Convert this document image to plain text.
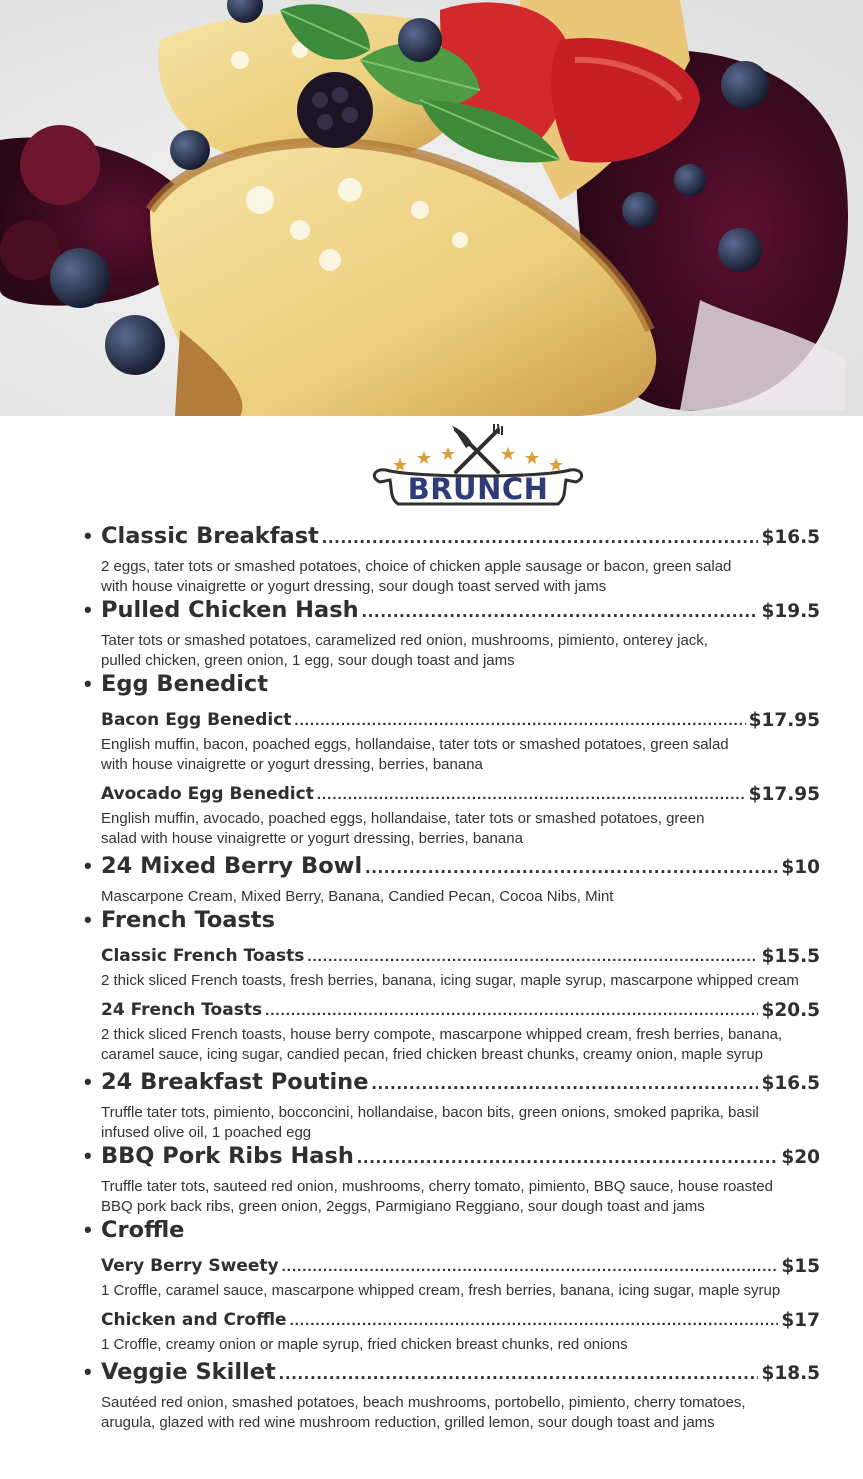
BRUNCH
• Classic Breakfast .....	$16.5
2 eggs, tater tots or smashed potatoes, choice of chicken apple sausage or bacon, green salad
with house vinaigrette or yogurt dressing, sour dough toast served with jams
• Pulled Chicken Hash .....	$19.5
Tater tots or smashed potatoes, caramelized red onion, mushrooms, pimiento, onterey jack,
pulled chicken, green onion, 1 egg, sour dough toast and jams
• Egg Benedict
Bacon Egg Benedict .....	$17.95
English muffin, bacon, poached eggs, hollandaise, tater tots or smashed potatoes, green salad
with house vinaigrette or yogurt dressing, berries, banana
Avocado Egg Benedict .....	$17.95
English muffin, avocado, poached eggs, hollandaise, tater tots or smashed potatoes, green
salad with house vinaigrette or yogurt dressing, berries, banana
• 24 Mixed Berry Bowl .....	$10
Mascarpone Cream, Mixed Berry, Banana, Candied Pecan, Cocoa Nibs, Mint
• French Toasts
Classic French Toasts .....	$15.5
2 thick sliced French toasts, fresh berries, banana, icing sugar, maple syrup, mascarpone whipped cream
24 French Toasts .....	$20.5
2 thick sliced French toasts, house berry compote, mascarpone whipped cream, fresh berries, banana,
caramel sauce, icing sugar, candied pecan, fried chicken breast chunks, creamy onion, maple syrup
• 24 Breakfast Poutine .....	$16.5
Truffle tater tots, pimiento, bocconcini, hollandaise, bacon bits, green onions, smoked paprika, basil
infused olive oil, 1 poached egg
• BBQ Pork Ribs Hash .....	$20
Truffle tater tots, sauteed red onion, mushrooms, cherry tomato, pimiento, BBQ sauce, house roasted
BBQ pork back ribs, green onion, 2eggs, Parmigiano Reggiano, sour dough toast and jams
• Croffle
Very Berry Sweety .....	$15
1 Croffle, caramel sauce, mascarpone whipped cream, fresh berries, banana, icing sugar, maple syrup
Chicken and Croffle .....	$17
1 Croffle, creamy onion or maple syrup, fried chicken breast chunks, red onions
• Veggie Skillet .....	$18.5
Sautéed red onion, smashed potatoes, beach mushrooms, portobello, pimiento, cherry tomatoes,
arugula, glazed with red wine mushroom reduction, grilled lemon, sour dough toast and jams
